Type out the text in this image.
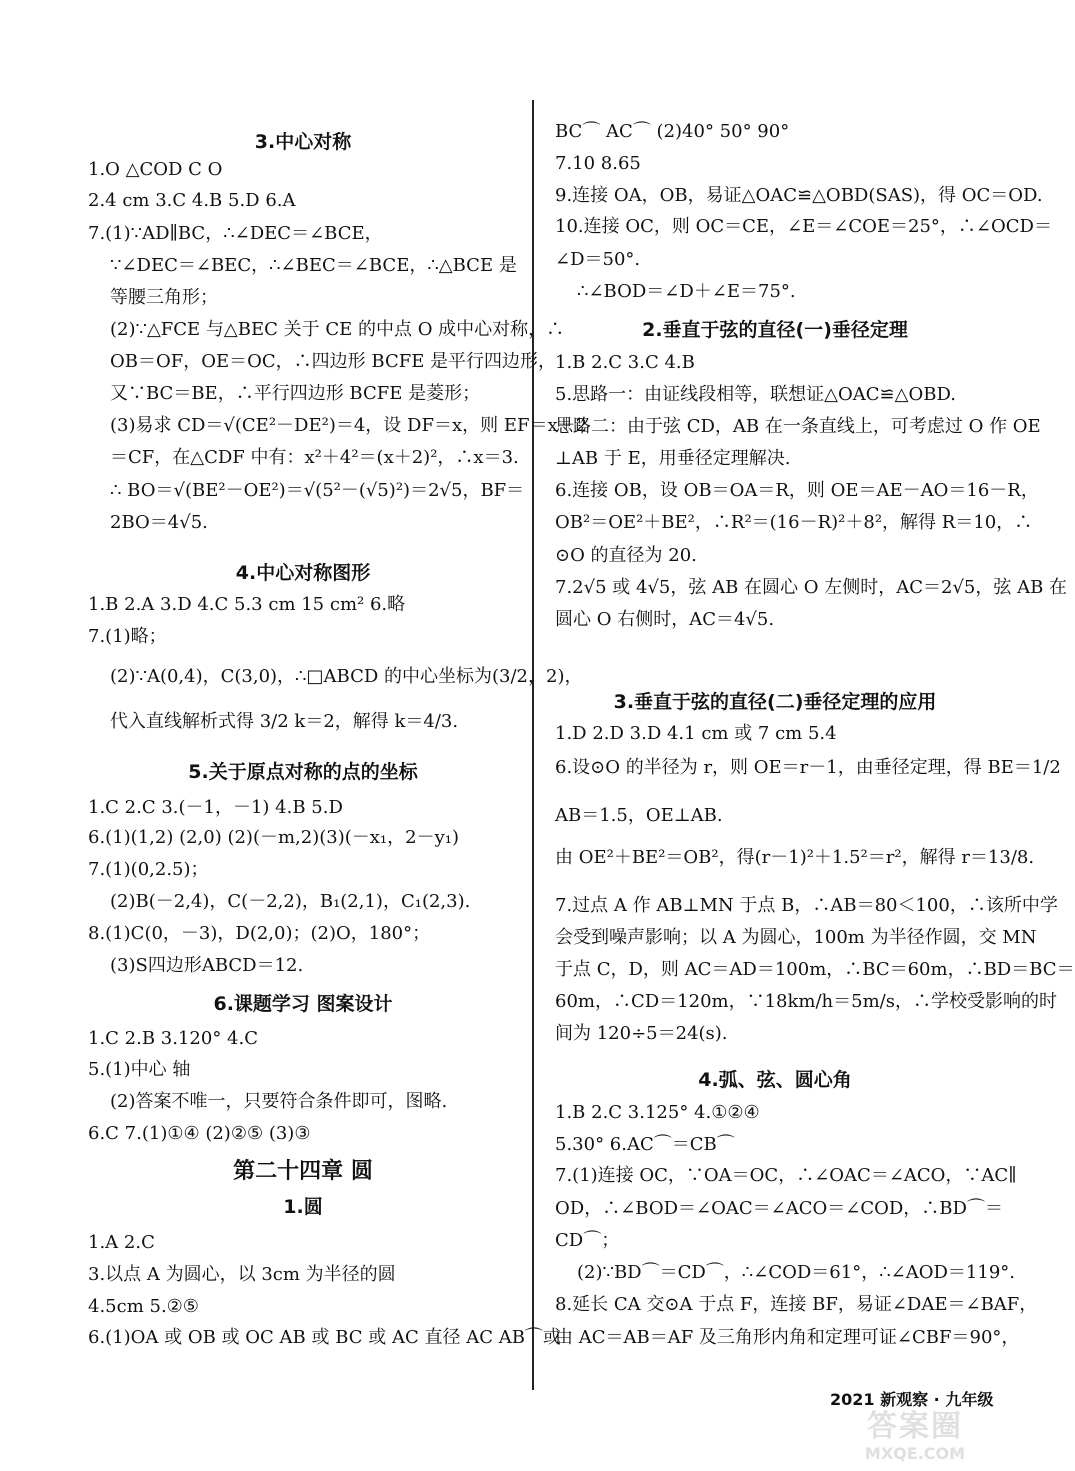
3.中心对称
1.O △COD C O
2.4 cm 3.C 4.B 5.D 6.A
7.(1)∵AD∥BC，∴∠DEC＝∠BCE，
∵∠DEC＝∠BEC，∴∠BEC＝∠BCE，∴△BCE 是
等腰三角形；
(2)∵△FCE 与△BEC 关于 CE 的中点 O 成中心对称，∴
OB＝OF，OE＝OC，∴四边形 BCFE 是平行四边形，
又∵BC＝BE，∴平行四边形 BCFE 是菱形；
(3)易求 CD＝√(CE²－DE²)＝4，设 DF＝x，则 EF＝x＋2
＝CF，在△CDF 中有：x²＋4²＝(x＋2)²，∴x＝3.
∴ BO＝√(BE²－OE²)＝√(5²－(√5)²)＝2√5，BF＝
2BO＝4√5.
4.中心对称图形
1.B 2.A 3.D 4.C 5.3 cm 15 cm² 6.略
7.(1)略；
(2)∵A(0,4)，C(3,0)，∴□ABCD 的中心坐标为(3/2，2)，
代入直线解析式得 3/2 k＝2，解得 k＝4/3.
5.关于原点对称的点的坐标
1.C 2.C 3.(－1，－1) 4.B 5.D
6.(1)(1,2) (2,0) (2)(－m,2)(3)(－x₁，2－y₁)
7.(1)(0,2.5)；
(2)B(－2,4)，C(－2,2)，B₁(2,1)，C₁(2,3).
8.(1)C(0，－3)，D(2,0)；(2)O，180°；
(3)S四边形ABCD＝12.
6.课题学习 图案设计
1.C 2.B 3.120° 4.C
5.(1)中心 轴
(2)答案不唯一，只要符合条件即可，图略.
6.C 7.(1)①④ (2)②⑤ (3)③
第二十四章 圆
1.圆
1.A 2.C
3.以点 A 为圆心，以 3cm 为半径的圆
4.5cm 5.②⑤
6.(1)OA 或 OB 或 OC AB 或 BC 或 AC 直径 AC AB⌒或
BC⌒ AC⌒ (2)40° 50° 90°
7.10 8.65
9.连接 OA，OB，易证△OAC≌△OBD(SAS)，得 OC＝OD.
10.连接 OC，则 OC＝CE，∠E＝∠COE＝25°，∴∠OCD＝
∠D＝50°.
∴∠BOD＝∠D＋∠E＝75°.
2.垂直于弦的直径(一)垂径定理
1.B 2.C 3.C 4.B
5.思路一：由证线段相等，联想证△OAC≌△OBD.
思路二：由于弦 CD，AB 在一条直线上，可考虑过 O 作 OE
⊥AB 于 E，用垂径定理解决.
6.连接 OB，设 OB＝OA＝R，则 OE＝AE－AO＝16－R，
OB²＝OE²＋BE²，∴R²＝(16－R)²＋8²，解得 R＝10，∴
⊙O 的直径为 20.
7.2√5 或 4√5，弦 AB 在圆心 O 左侧时，AC＝2√5，弦 AB 在
圆心 O 右侧时，AC＝4√5.
3.垂直于弦的直径(二)垂径定理的应用
1.D 2.D 3.D 4.1 cm 或 7 cm 5.4
6.设⊙O 的半径为 r，则 OE＝r－1，由垂径定理，得 BE＝1/2
AB＝1.5，OE⊥AB.
由 OE²＋BE²＝OB²，得(r－1)²＋1.5²＝r²，解得 r＝13/8.
7.过点 A 作 AB⊥MN 于点 B，∴AB＝80＜100，∴该所中学
会受到噪声影响；以 A 为圆心，100m 为半径作圆，交 MN
于点 C，D，则 AC＝AD＝100m，∴BC＝60m，∴BD＝BC＝
60m，∴CD＝120m，∵18km/h＝5m/s，∴学校受影响的时
间为 120÷5＝24(s).
4.弧、弦、圆心角
1.B 2.C 3.125° 4.①②④
5.30° 6.AC⌒＝CB⌒
7.(1)连接 OC，∵OA＝OC，∴∠OAC＝∠ACO，∵AC∥
OD，∴∠BOD＝∠OAC＝∠ACO＝∠COD，∴BD⌒＝
CD⌒；
(2)∵BD⌒＝CD⌒，∴∠COD＝61°，∴∠AOD＝119°.
8.延长 CA 交⊙A 于点 F，连接 BF，易证∠DAE＝∠BAF，
由 AC＝AB＝AF 及三角形内角和定理可证∠CBF＝90°，
2021 新观察 · 九年级
答案圈
MXQE.COM
